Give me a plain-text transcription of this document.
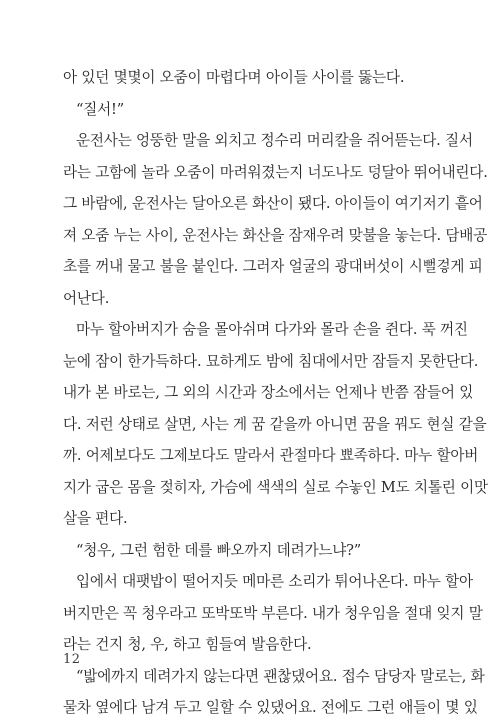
아 있던 몇몇이 오줌이 마렵다며 아이들 사이를 뚫는다.
“질서!”
운전사는 엉뚱한 말을 외치고 정수리 머리칼을 쥐어뜯는다. 질서
라는 고함에 놀라 오줌이 마려워졌는지 너도나도 덩달아 뛰어내린다.
그 바람에, 운전사는 달아오른 화산이 됐다. 아이들이 여기저기 흩어
져 오줌 누는 사이, 운전사는 화산을 잠재우려 맞불을 놓는다. 담배공
초를 꺼내 물고 불을 붙인다. 그러자 얼굴의 광대버섯이 시뻘겋게 피
어난다.
마누 할아버지가 숨을 몰아쉬며 다가와 몰라 손을 쥔다. 푹 꺼진
눈에 잠이 한가득하다. 묘하게도 밤에 침대에서만 잠들지 못한단다.
내가 본 바로는, 그 외의 시간과 장소에서는 언제나 반쯤 잠들어 있
다. 저런 상태로 살면, 사는 게 꿈 같을까 아니면 꿈을 꿔도 현실 같을
까. 어제보다도 그제보다도 말라서 관절마다 뾰족하다. 마누 할아버
지가 굽은 몸을 젖히자, 가슴에 색색의 실로 수놓인 M도 치톨린 이맛
살을 편다.
“청우, 그런 험한 데를 빠오까지 데려가느냐?”
입에서 대팻밥이 떨어지듯 메마른 소리가 튀어나온다. 마누 할아
버지만은 꼭 청우라고 또박또박 부른다. 내가 청우임을 절대 잊지 말
라는 건지 청, 우, 하고 힘들여 발음한다.
“밟에까지 데려가지 않는다면 괜찮댔어요. 접수 담당자 말로는, 화
물차 옆에다 남겨 두고 일할 수 있댔어요. 전에도 그런 애들이 몇 있
12
